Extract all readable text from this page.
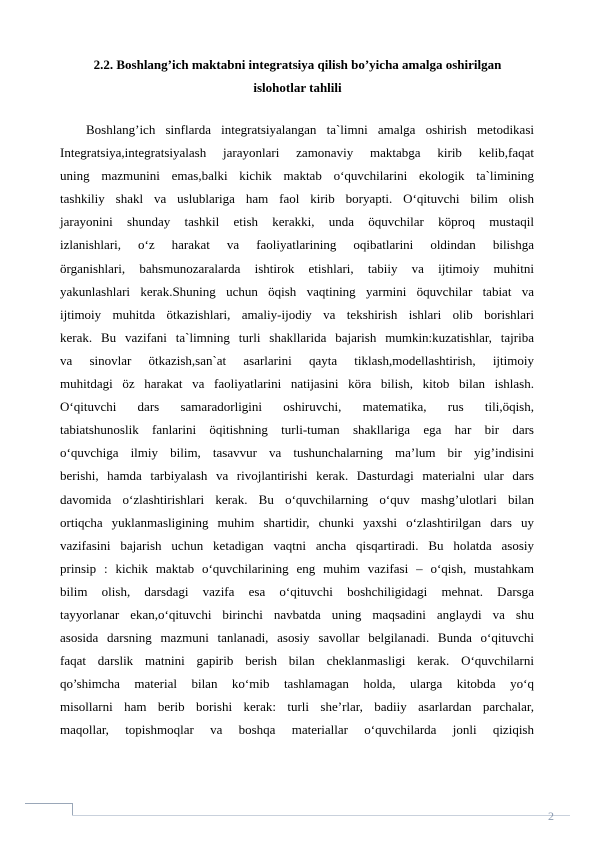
2.2. Boshlang’ich maktabni integratsiya qilish bo’yicha amalga oshirilgan
islohotlar tahlili
Boshlang’ich sinflarda integratsiyalangan ta`limni amalga oshirish metodikasi
Integratsiya,integratsiyalash jarayonlari zamonaviy maktabga kirib kelib,faqat
uning mazmunini emas,balki kichik maktab o‘quvchilarini ekologik ta`limining
tashkiliy shakl va uslublariga ham faol kirib boryapti. O‘qituvchi bilim olish
jarayonini shunday tashkil etish kerakki, unda öquvchilar köproq mustaqil
izlanishlari, o‘z harakat va faoliyatlarining oqibatlarini oldindan bilishga
örganishlari, bahsmunozaralarda ishtirok etishlari, tabiiy va ijtimoiy muhitni
yakunlashlari kerak.Shuning uchun öqish vaqtining yarmini öquvchilar tabiat va
ijtimoiy muhitda ötkazishlari, amaliy-ijodiy va tekshirish ishlari olib borishlari
kerak. Bu vazifani ta`limning turli shakllarida bajarish mumkin:kuzatishlar, tajriba
va sinovlar ötkazish,san`at asarlarini qayta tiklash,modellashtirish, ijtimoiy
muhitdagi öz harakat va faoliyatlarini natijasini köra bilish, kitob bilan ishlash.
O‘qituvchi dars samaradorligini oshiruvchi, matematika, rus tili,öqish,
tabiatshunoslik fanlarini öqitishning turli-tuman shakllariga ega har bir dars
o‘quvchiga ilmiy bilim, tasavvur va tushunchalarning ma’lum bir yig’indisini
berishi, hamda tarbiyalash va rivojlantirishi kerak. Dasturdagi materialni ular dars
davomida o‘zlashtirishlari kerak. Bu o‘quvchilarning o‘quv mashg’ulotlari bilan
ortiqcha yuklanmasligining muhim shartidir, chunki yaxshi o‘zlashtirilgan dars uy
vazifasini bajarish uchun ketadigan vaqtni ancha qisqartiradi. Bu holatda asosiy
prinsip : kichik maktab o‘quvchilarining eng muhim vazifasi – o‘qish, mustahkam
bilim olish, darsdagi vazifa esa o‘qituvchi boshchiligidagi mehnat. Darsga
tayyorlanar ekan,o‘qituvchi birinchi navbatda uning maqsadini anglaydi va shu
asosida darsning mazmuni tanlanadi, asosiy savollar belgilanadi. Bunda o‘qituvchi
faqat darslik matnini gapirib berish bilan cheklanmasligi kerak. O‘quvchilarni
qo’shimcha material bilan ko‘mib tashlamagan holda, ularga kitobda yo‘q
misollarni ham berib borishi kerak: turli she’rlar, badiiy asarlardan parchalar,
maqollar, topishmoqlar va boshqa materiallar o‘quvchilarda jonli qiziqish
2
